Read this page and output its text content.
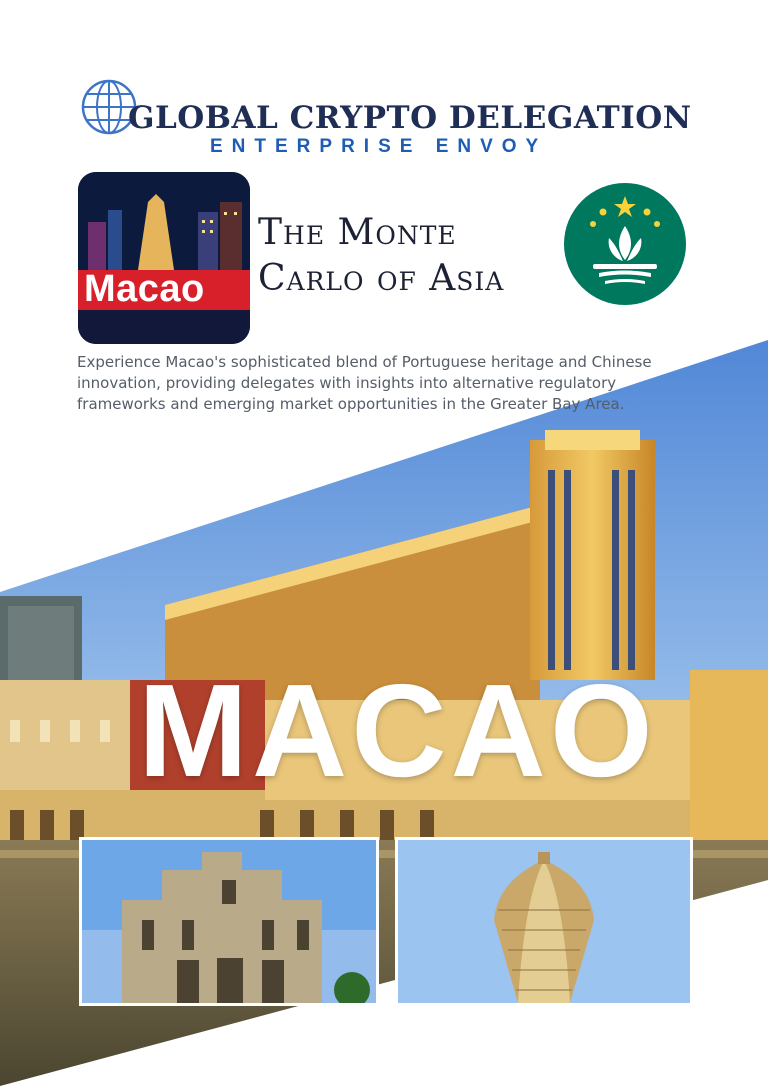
MACAO
GLOBAL CRYPTO DELEGATION
ENTERPRISE ENVOY
Macao
The Monte
Carlo of Asia
Experience Macao's sophisticated blend of Portuguese heritage and Chinese innovation, providing delegates with insights into alternative regulatory frameworks and emerging market opportunities in the Greater Bay Area.
